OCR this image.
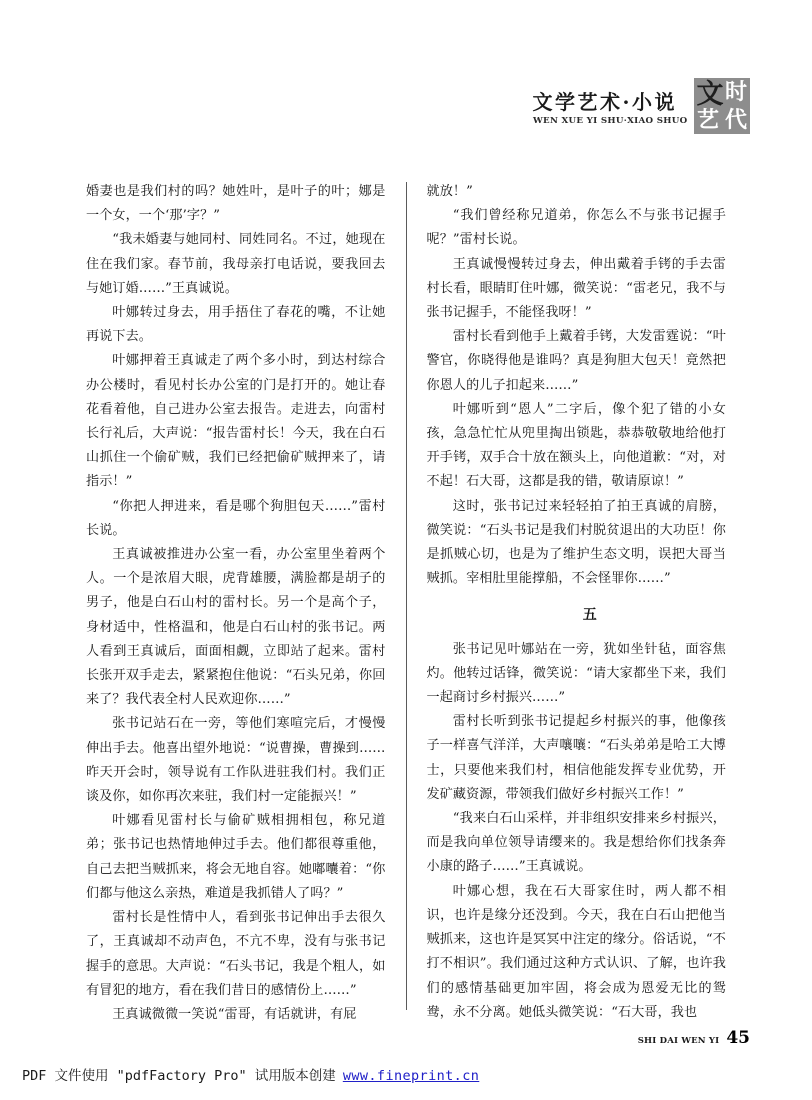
文学艺术·小说
WEN XUE YI SHU·XIAO SHUO
文 时
艺 代

婚妻也是我们村的吗？她姓叶，是叶子的叶；娜是一个女，一个‘那’字？”

“我未婚妻与她同村、同姓同名。不过，她现在住在我们家。春节前，我母亲打电话说，要我回去与她订婚……”王真诚说。

叶娜转过身去，用手捂住了春花的嘴，不让她再说下去。

叶娜押着王真诚走了两个多小时，到达村综合办公楼时，看见村长办公室的门是打开的。她让春花看着他，自己进办公室去报告。走进去，向雷村长行礼后，大声说：“报告雷村长！今天，我在白石山抓住一个偷矿贼，我们已经把偷矿贼押来了，请指示！”

“你把人押进来，看是哪个狗胆包天……”雷村长说。

王真诚被推进办公室一看，办公室里坐着两个人。一个是浓眉大眼，虎背雄腰，满脸都是胡子的男子，他是白石山村的雷村长。另一个是高个子，身材适中，性格温和，他是白石山村的张书记。两人看到王真诚后，面面相觑，立即站了起来。雷村长张开双手走去，紧紧抱住他说：“石头兄弟，你回来了？我代表全村人民欢迎你……”

张书记站石在一旁，等他们寒喧完后，才慢慢伸出手去。他喜出望外地说：“说曹操，曹操到……昨天开会时，领导说有工作队进驻我们村。我们正谈及你，如你再次来驻，我们村一定能振兴！”

叶娜看见雷村长与偷矿贼相拥相包，称兄道弟；张书记也热情地伸过手去。他们都很尊重他，自己去把当贼抓来，将会无地自容。她嘟囔着：“你们都与他这么亲热，难道是我抓错人了吗？”

雷村长是性情中人，看到张书记伸出手去很久了，王真诚却不动声色，不亢不卑，没有与张书记握手的意思。大声说：“石头书记，我是个粗人，如有冒犯的地方，看在我们昔日的感情份上……”

王真诚微微一笑说“雷哥，有话就讲，有屁

就放！”

“我们曾经称兄道弟，你怎么不与张书记握手呢？”雷村长说。

王真诚慢慢转过身去，伸出戴着手铐的手去雷村长看，眼睛盯住叶娜，微笑说：“雷老兄，我不与张书记握手，不能怪我呀！”

雷村长看到他手上戴着手铐，大发雷霆说：“叶警官，你晓得他是谁吗？真是狗胆大包天！竟然把你恩人的儿子扣起来……”

叶娜听到“恩人”二字后，像个犯了错的小女孩，急急忙忙从兜里掏出锁匙，恭恭敬敬地给他打开手铐，双手合十放在额头上，向他道歉：“对，对不起！石大哥，这都是我的错，敬请原谅！”

这时，张书记过来轻轻拍了拍王真诚的肩膀，微笑说：“石头书记是我们村脱贫退出的大功臣！你是抓贼心切，也是为了维护生态文明，误把大哥当贼抓。宰相肚里能撑船，不会怪罪你……”

五

张书记见叶娜站在一旁，犹如坐针毡，面容焦灼。他转过话锋，微笑说：“请大家都坐下来，我们一起商讨乡村振兴……”

雷村长听到张书记提起乡村振兴的事，他像孩子一样喜气洋洋，大声嚷嚷：“石头弟弟是哈工大博士，只要他来我们村，相信他能发挥专业优势，开发矿藏资源，带领我们做好乡村振兴工作！”

“我来白石山采样，并非组织安排来乡村振兴，而是我向单位领导请缨来的。我是想给你们找条奔小康的路子……”王真诚说。

叶娜心想，我在石大哥家住时，两人都不相识，也许是缘分还没到。今天，我在白石山把他当贼抓来，这也许是冥冥中注定的缘分。俗话说，“不打不相识”。我们通过这种方式认识、了解，也许我们的感情基础更加牢固，将会成为恩爱无比的鸳鸯，永不分离。她低头微笑说：“石大哥，我也

SHI DAI WEN YI 45
PDF 文件使用 "pdfFactory Pro" 试用版本创建 www.fineprint.cn
